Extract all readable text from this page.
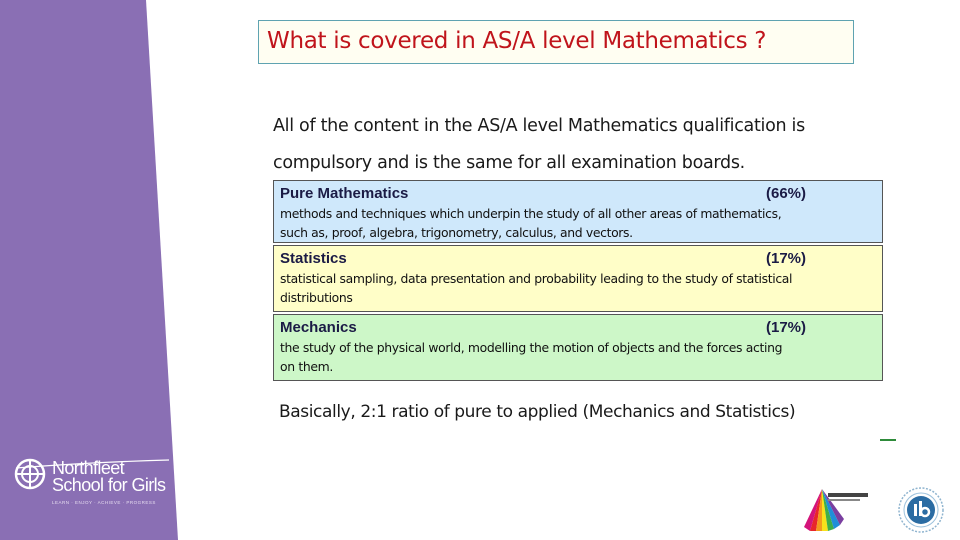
Northfleet
School for Girls
LEARN · ENJOY · ACHIEVE · PROGRESS
What is covered in AS/A level Mathematics ?
All of the content in the AS/A level Mathematics qualification is
compulsory and is the same for all examination boards.
Pure Mathematics	(66%)
methods and techniques which underpin the study of all other areas of mathematics,
such as, proof, algebra, trigonometry, calculus, and vectors.
Statistics	(17%)
statistical sampling, data presentation and probability leading to the study of statistical
distributions
Mechanics	(17%)
the study of the physical world, modelling the motion of objects and the forces acting
on them.
Basically, 2:1 ratio of pure to applied (Mechanics and Statistics)
